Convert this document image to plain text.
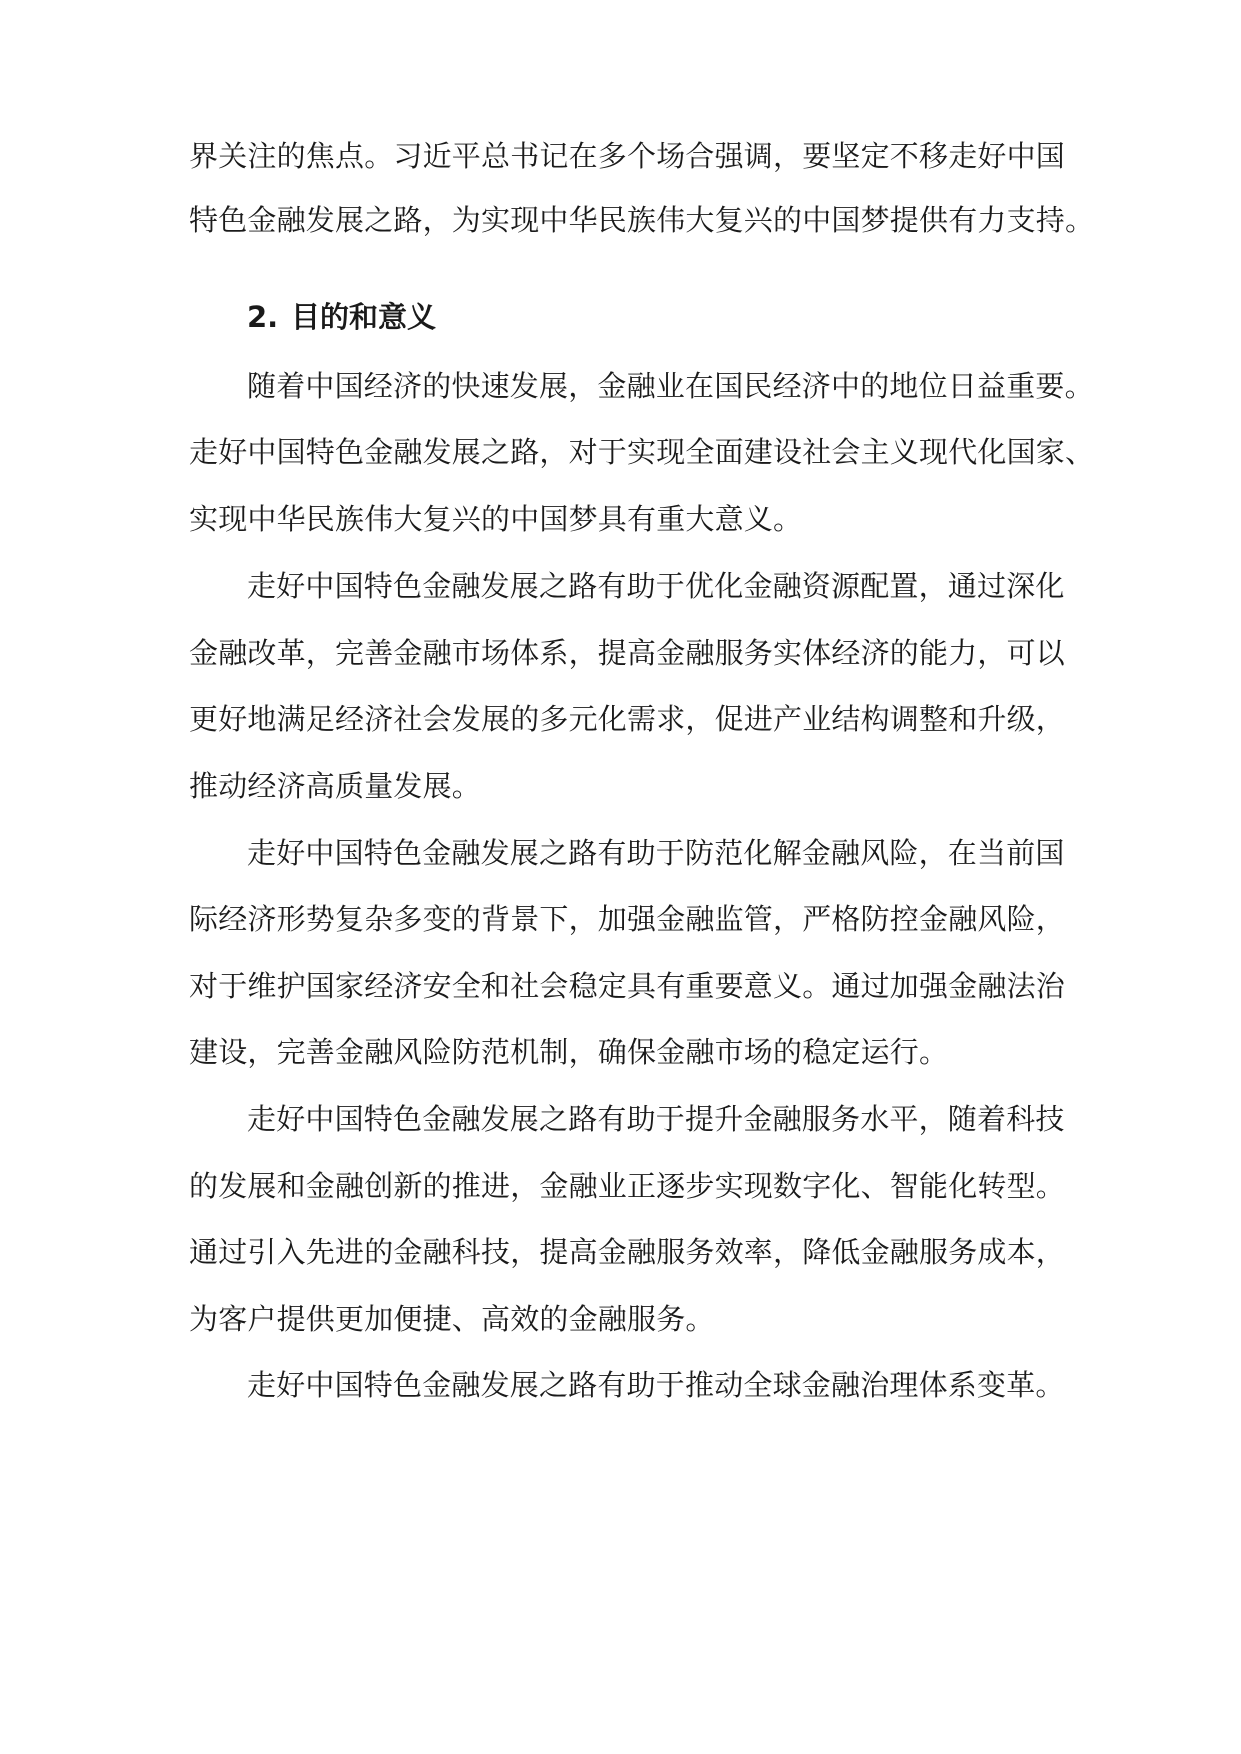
界关注的焦点。习近平总书记在多个场合强调，要坚定不移走好中国
特色金融发展之路，为实现中华民族伟大复兴的中国梦提供有力支持。
2. 目的和意义
随着中国经济的快速发展，金融业在国民经济中的地位日益重要。
走好中国特色金融发展之路，对于实现全面建设社会主义现代化国家、
实现中华民族伟大复兴的中国梦具有重大意义。
走好中国特色金融发展之路有助于优化金融资源配置，通过深化
金融改革，完善金融市场体系，提高金融服务实体经济的能力，可以
更好地满足经济社会发展的多元化需求，促进产业结构调整和升级，
推动经济高质量发展。
走好中国特色金融发展之路有助于防范化解金融风险，在当前国
际经济形势复杂多变的背景下，加强金融监管，严格防控金融风险，
对于维护国家经济安全和社会稳定具有重要意义。通过加强金融法治
建设，完善金融风险防范机制，确保金融市场的稳定运行。
走好中国特色金融发展之路有助于提升金融服务水平，随着科技
的发展和金融创新的推进，金融业正逐步实现数字化、智能化转型。
通过引入先进的金融科技，提高金融服务效率，降低金融服务成本，
为客户提供更加便捷、高效的金融服务。
走好中国特色金融发展之路有助于推动全球金融治理体系变革。
